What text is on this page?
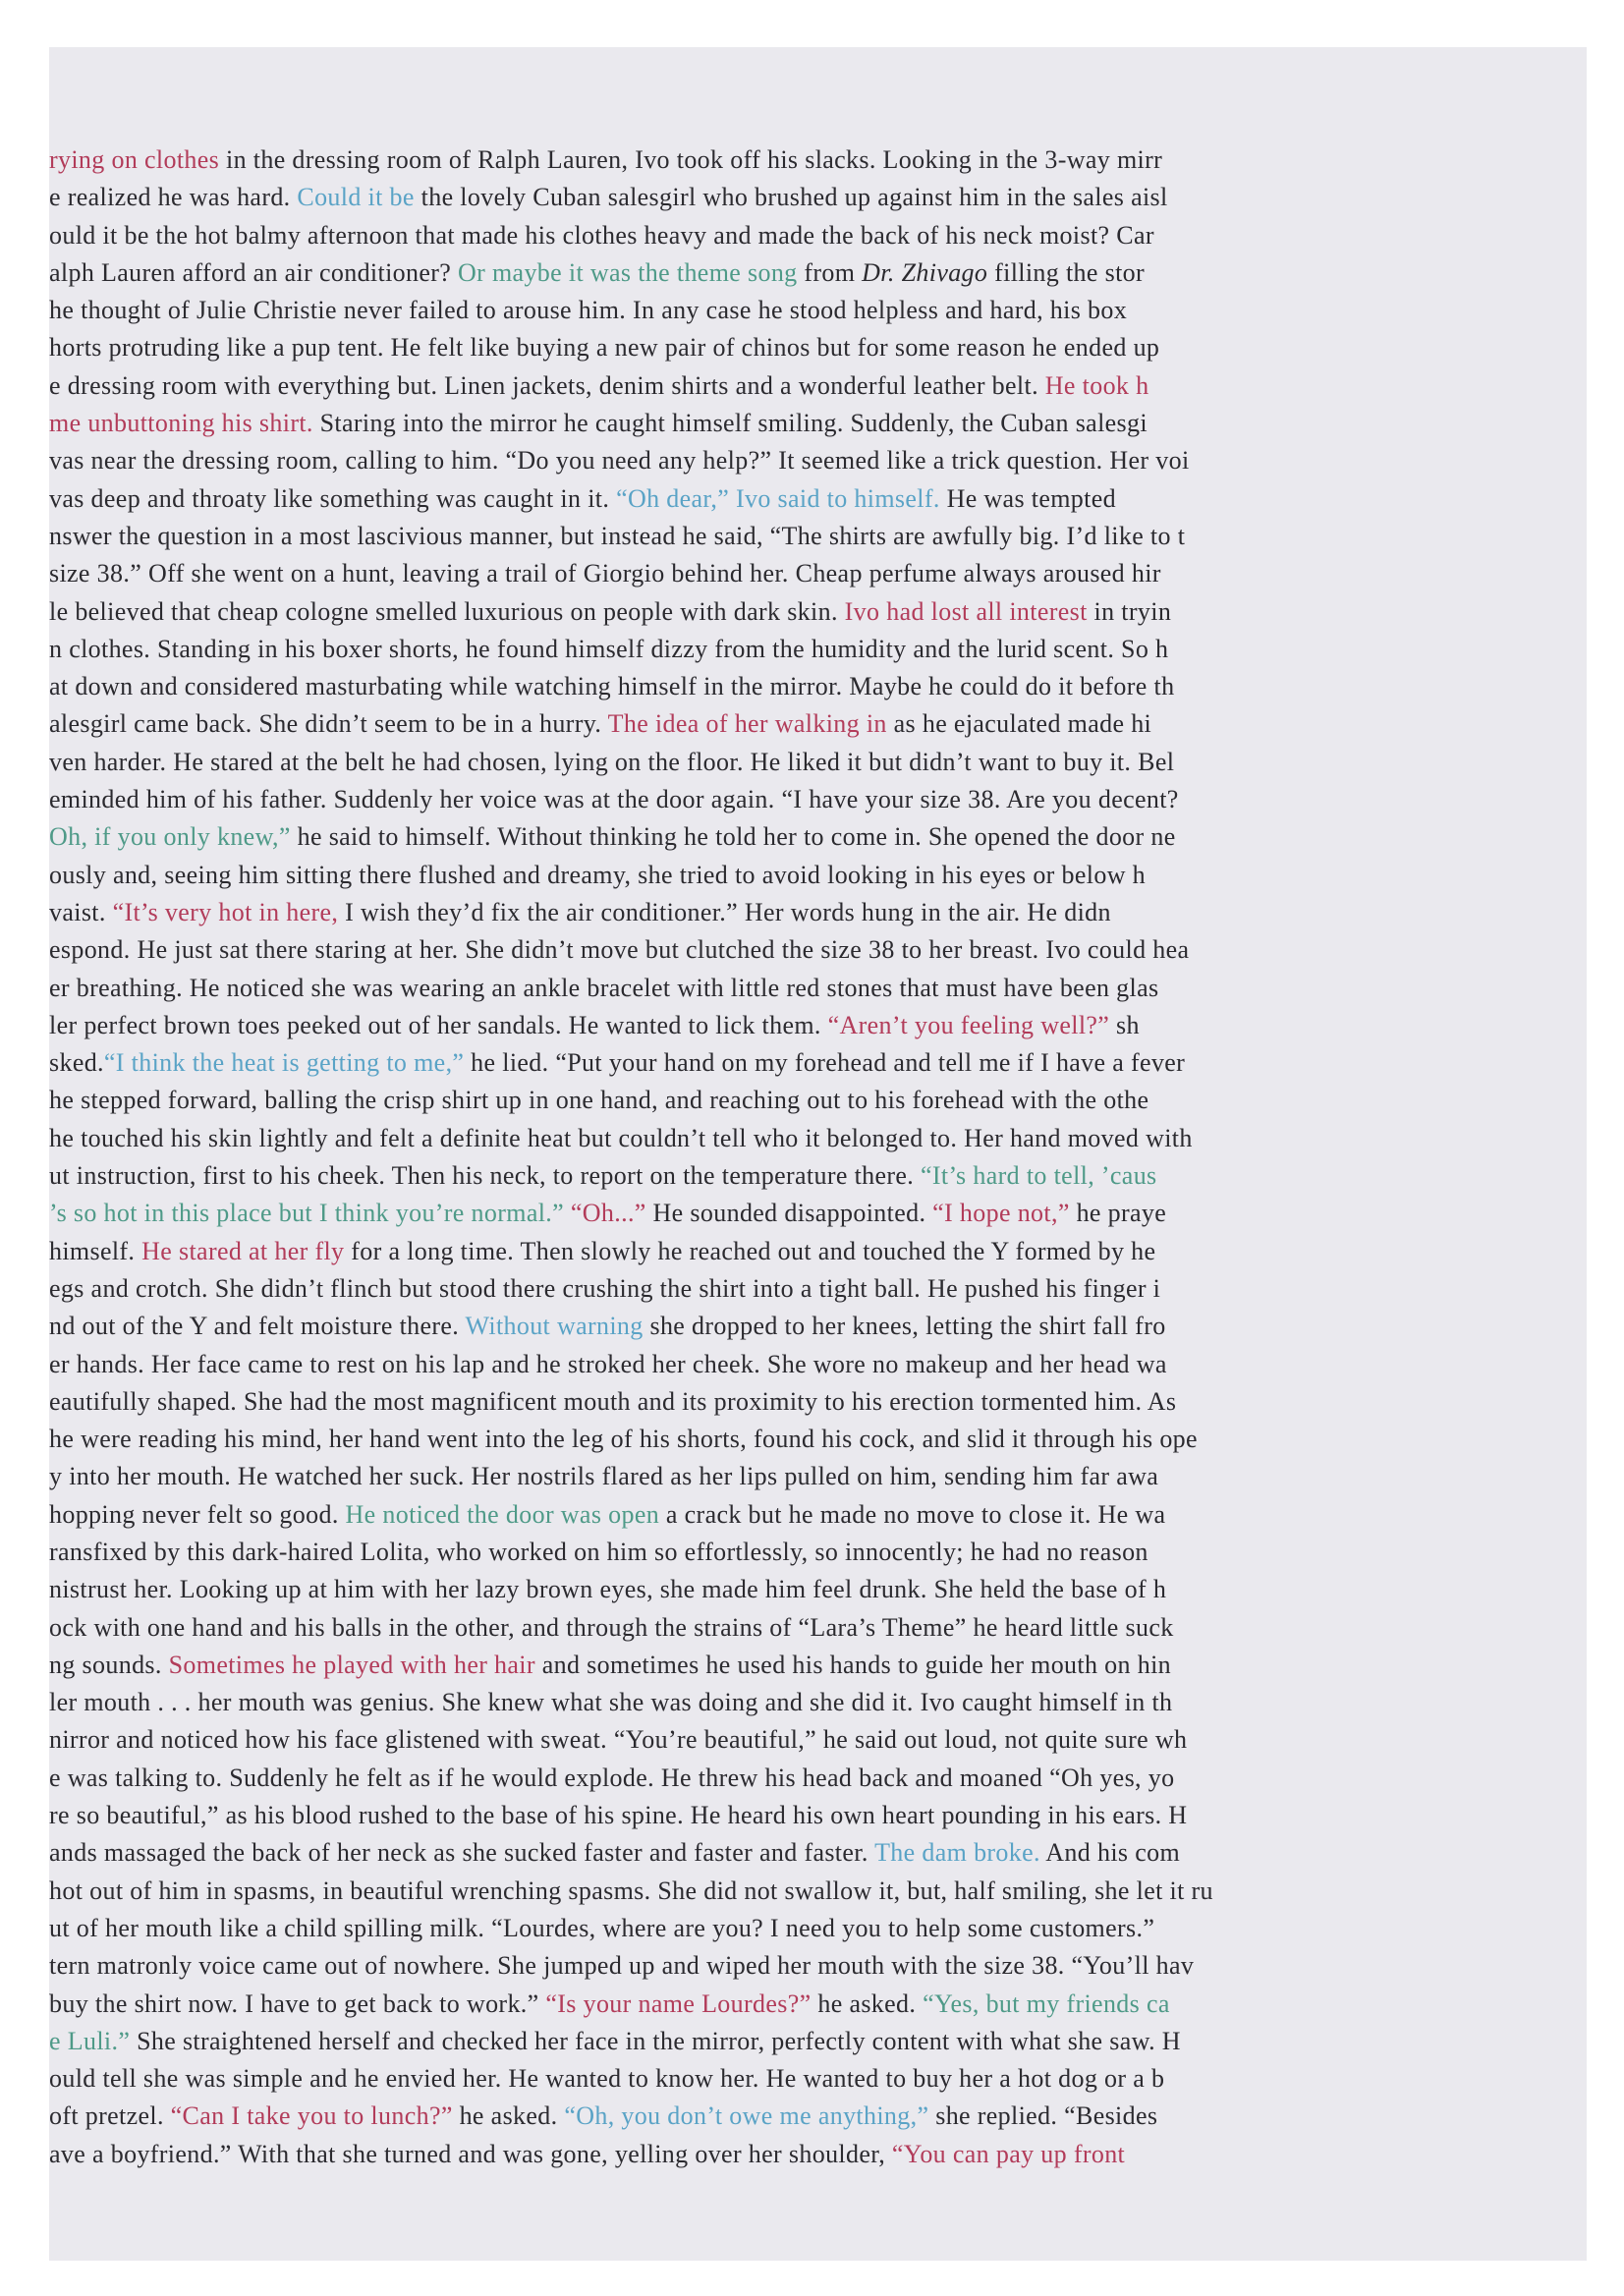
rying on clothes in the dressing room of Ralph Lauren, Ivo took off his slacks. Looking in the 3-way mirr
e realized he was hard. Could it be the lovely Cuban salesgirl who brushed up against him in the sales aisl
ould it be the hot balmy afternoon that made his clothes heavy and made the back of his neck moist? Car
alph Lauren afford an air conditioner? Or maybe it was the theme song from Dr. Zhivago filling the stor
he thought of Julie Christie never failed to arouse him. In any case he stood helpless and hard, his box
horts protruding like a pup tent. He felt like buying a new pair of chinos but for some reason he ended up
e dressing room with everything but. Linen jackets, denim shirts and a wonderful leather belt. He took h
me unbuttoning his shirt. Staring into the mirror he caught himself smiling. Suddenly, the Cuban salesgi
vas near the dressing room, calling to him. “Do you need any help?” It seemed like a trick question. Her voi
vas deep and throaty like something was caught in it. “Oh dear,” Ivo said to himself. He was tempted
nswer the question in a most lascivious manner, but instead he said, “The shirts are awfully big. I’d like to t
size 38.” Off she went on a hunt, leaving a trail of Giorgio behind her. Cheap perfume always aroused hir
le believed that cheap cologne smelled luxurious on people with dark skin. Ivo had lost all interest in tryin
n clothes. Standing in his boxer shorts, he found himself dizzy from the humidity and the lurid scent. So h
at down and considered masturbating while watching himself in the mirror. Maybe he could do it before th
alesgirl came back. She didn’t seem to be in a hurry. The idea of her walking in as he ejaculated made hi
ven harder. He stared at the belt he had chosen, lying on the floor. He liked it but didn’t want to buy it. Bel
eminded him of his father. Suddenly her voice was at the door again. “I have your size 38. Are you decent?
Oh, if you only knew,” he said to himself. Without thinking he told her to come in. She opened the door ne
ously and, seeing him sitting there flushed and dreamy, she tried to avoid looking in his eyes or below h
vaist. “It’s very hot in here, I wish they’d fix the air conditioner.” Her words hung in the air. He didn
espond. He just sat there staring at her. She didn’t move but clutched the size 38 to her breast. Ivo could hea
er breathing. He noticed she was wearing an ankle bracelet with little red stones that must have been glas
ler perfect brown toes peeked out of her sandals. He wanted to lick them. “Aren’t you feeling well?” sh
sked.“I think the heat is getting to me,” he lied. “Put your hand on my forehead and tell me if I have a fever
he stepped forward, balling the crisp shirt up in one hand, and reaching out to his forehead with the othe
he touched his skin lightly and felt a definite heat but couldn’t tell who it belonged to. Her hand moved with
ut instruction, first to his cheek. Then his neck, to report on the temperature there. “It’s hard to tell, ’caus
’s so hot in this place but I think you’re normal.” “Oh...” He sounded disappointed. “I hope not,” he praye
himself. He stared at her fly for a long time. Then slowly he reached out and touched the Y formed by he
egs and crotch. She didn’t flinch but stood there crushing the shirt into a tight ball. He pushed his finger i
nd out of the Y and felt moisture there. Without warning she dropped to her knees, letting the shirt fall fro
er hands. Her face came to rest on his lap and he stroked her cheek. She wore no makeup and her head wa
eautifully shaped. She had the most magnificent mouth and its proximity to his erection tormented him. As
he were reading his mind, her hand went into the leg of his shorts, found his cock, and slid it through his ope
y into her mouth. He watched her suck. Her nostrils flared as her lips pulled on him, sending him far awa
hopping never felt so good. He noticed the door was open a crack but he made no move to close it. He wa
ransfixed by this dark-haired Lolita, who worked on him so effortlessly, so innocently; he had no reason
nistrust her. Looking up at him with her lazy brown eyes, she made him feel drunk. She held the base of h
ock with one hand and his balls in the other, and through the strains of “Lara’s Theme” he heard little suck
ng sounds. Sometimes he played with her hair and sometimes he used his hands to guide her mouth on hin
ler mouth . . . her mouth was genius. She knew what she was doing and she did it. Ivo caught himself in th
nirror and noticed how his face glistened with sweat. “You’re beautiful,” he said out loud, not quite sure wh
e was talking to. Suddenly he felt as if he would explode. He threw his head back and moaned “Oh yes, yo
re so beautiful,” as his blood rushed to the base of his spine. He heard his own heart pounding in his ears. H
ands massaged the back of her neck as she sucked faster and faster and faster. The dam broke. And his com
hot out of him in spasms, in beautiful wrenching spasms. She did not swallow it, but, half smiling, she let it ru
ut of her mouth like a child spilling milk. “Lourdes, where are you? I need you to help some customers.”
tern matronly voice came out of nowhere. She jumped up and wiped her mouth with the size 38. “You’ll hav
buy the shirt now. I have to get back to work.” “Is your name Lourdes?” he asked. “Yes, but my friends ca
e Luli.” She straightened herself and checked her face in the mirror, perfectly content with what she saw. H
ould tell she was simple and he envied her. He wanted to know her. He wanted to buy her a hot dog or a b
oft pretzel. “Can I take you to lunch?” he asked. “Oh, you don’t owe me anything,” she replied. “Besides
ave a boyfriend.” With that she turned and was gone, yelling over her shoulder, “You can pay up front
